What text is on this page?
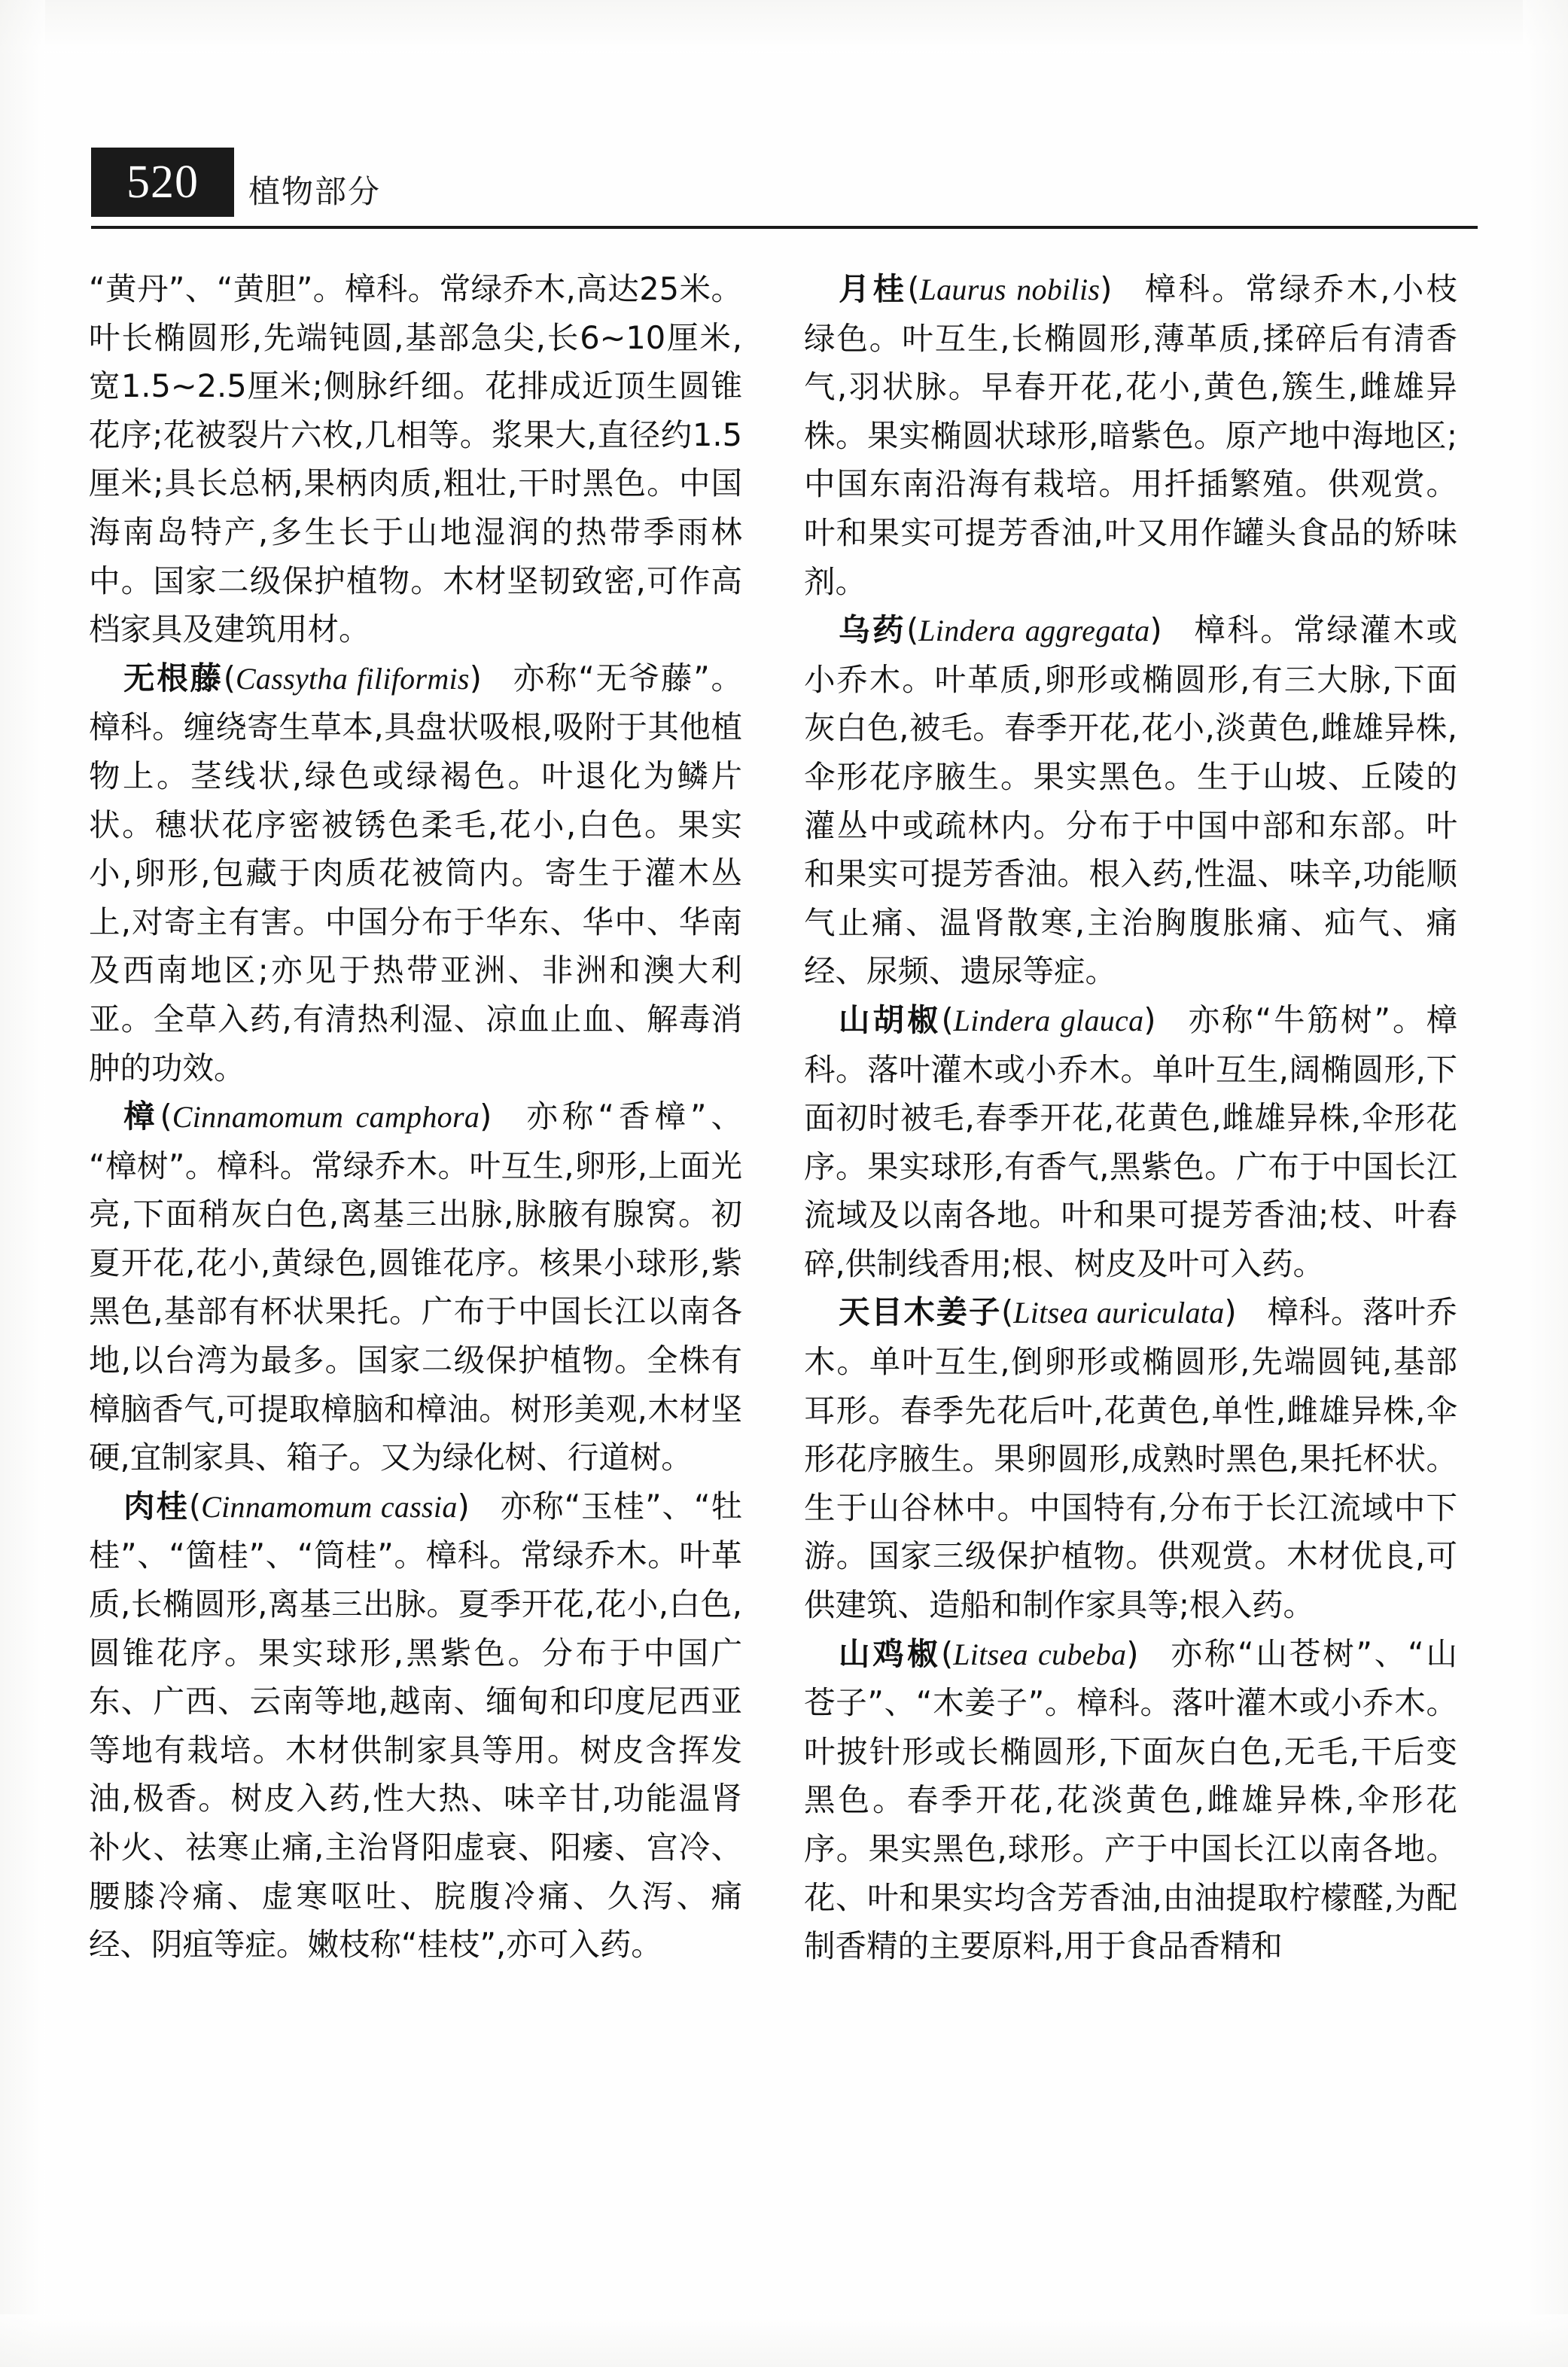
520 植物部分

“黄丹”、“黄胆”。樟科。常绿乔木,高达25米。叶长椭圆形,先端钝圆,基部急尖,长6~10厘米,宽1.5~2.5厘米;侧脉纤细。花排成近顶生圆锥花序;花被裂片六枚,几相等。浆果大,直径约1.5厘米;具长总柄,果柄肉质,粗壮,干时黑色。中国海南岛特产,多生长于山地湿润的热带季雨林中。国家二级保护植物。木材坚韧致密,可作高档家具及建筑用材。

无根藤(Cassytha filiformis) 亦称“无爷藤”。樟科。缠绕寄生草本,具盘状吸根,吸附于其他植物上。茎线状,绿色或绿褐色。叶退化为鳞片状。穗状花序密被锈色柔毛,花小,白色。果实小,卵形,包藏于肉质花被筒内。寄生于灌木丛上,对寄主有害。中国分布于华东、华中、华南及西南地区;亦见于热带亚洲、非洲和澳大利亚。全草入药,有清热利湿、凉血止血、解毒消肿的功效。

樟(Cinnamomum camphora) 亦称“香樟”、“樟树”。樟科。常绿乔木。叶互生,卵形,上面光亮,下面稍灰白色,离基三出脉,脉腋有腺窝。初夏开花,花小,黄绿色,圆锥花序。核果小球形,紫黑色,基部有杯状果托。广布于中国长江以南各地,以台湾为最多。国家二级保护植物。全株有樟脑香气,可提取樟脑和樟油。树形美观,木材坚硬,宜制家具、箱子。又为绿化树、行道树。

肉桂(Cinnamomum cassia) 亦称“玉桂”、“牡桂”、“箇桂”、“筒桂”。樟科。常绿乔木。叶革质,长椭圆形,离基三出脉。夏季开花,花小,白色,圆锥花序。果实球形,黑紫色。分布于中国广东、广西、云南等地,越南、缅甸和印度尼西亚等地有栽培。木材供制家具等用。树皮含挥发油,极香。树皮入药,性大热、味辛甘,功能温肾补火、祛寒止痛,主治肾阳虚衰、阳痿、宫冷、腰膝冷痛、虚寒呕吐、脘腹冷痛、久泻、痛经、阴疽等症。嫩枝称“桂枝”,亦可入药。

月桂(Laurus nobilis) 樟科。常绿乔木,小枝绿色。叶互生,长椭圆形,薄革质,揉碎后有清香气,羽状脉。早春开花,花小,黄色,簇生,雌雄异株。果实椭圆状球形,暗紫色。原产地中海地区;中国东南沿海有栽培。用扦插繁殖。供观赏。叶和果实可提芳香油,叶又用作罐头食品的矫味剂。

乌药(Lindera aggregata) 樟科。常绿灌木或小乔木。叶革质,卵形或椭圆形,有三大脉,下面灰白色,被毛。春季开花,花小,淡黄色,雌雄异株,伞形花序腋生。果实黑色。生于山坡、丘陵的灌丛中或疏林内。分布于中国中部和东部。叶和果实可提芳香油。根入药,性温、味辛,功能顺气止痛、温肾散寒,主治胸腹胀痛、疝气、痛经、尿频、遗尿等症。

山胡椒(Lindera glauca) 亦称“牛筋树”。樟科。落叶灌木或小乔木。单叶互生,阔椭圆形,下面初时被毛,春季开花,花黄色,雌雄异株,伞形花序。果实球形,有香气,黑紫色。广布于中国长江流域及以南各地。叶和果可提芳香油;枝、叶舂碎,供制线香用;根、树皮及叶可入药。

天目木姜子(Litsea auriculata) 樟科。落叶乔木。单叶互生,倒卵形或椭圆形,先端圆钝,基部耳形。春季先花后叶,花黄色,单性,雌雄异株,伞形花序腋生。果卵圆形,成熟时黑色,果托杯状。生于山谷林中。中国特有,分布于长江流域中下游。国家三级保护植物。供观赏。木材优良,可供建筑、造船和制作家具等;根入药。

山鸡椒(Litsea cubeba) 亦称“山苍树”、“山苍子”、“木姜子”。樟科。落叶灌木或小乔木。叶披针形或长椭圆形,下面灰白色,无毛,干后变黑色。春季开花,花淡黄色,雌雄异株,伞形花序。果实黑色,球形。产于中国长江以南各地。花、叶和果实均含芳香油,由油提取柠檬醛,为配制香精的主要原料,用于食品香精和
